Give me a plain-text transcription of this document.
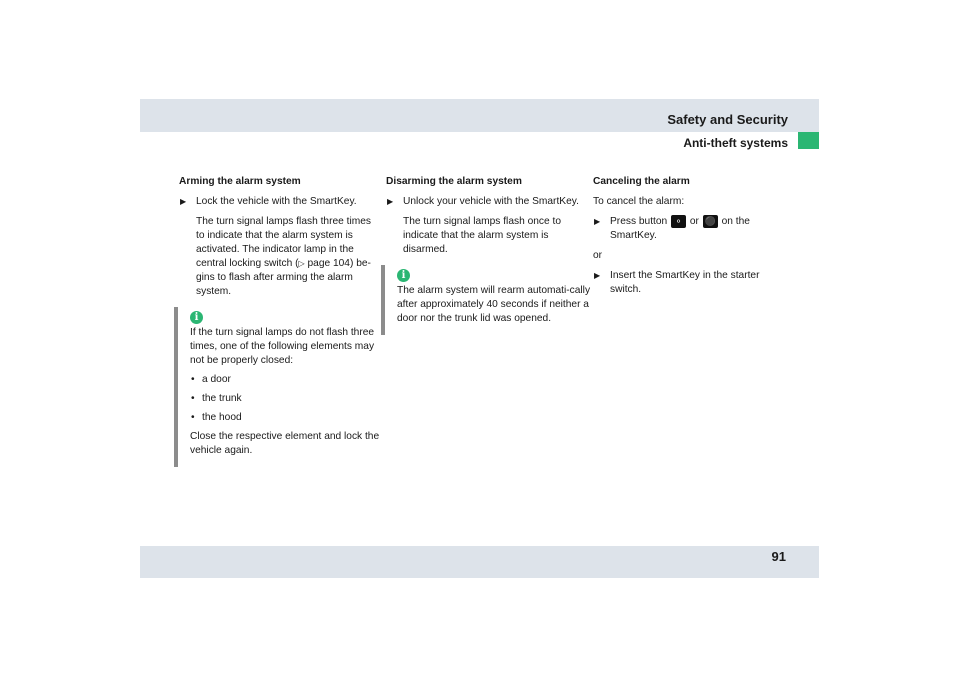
Safety and Security
Anti-theft systems

Arming the alarm system

▶ Lock the vehicle with the SmartKey.

The turn signal lamps flash three times to indicate that the alarm system is activated. The indicator lamp in the central locking switch (▷ page 104) be-gins to flash after arming the alarm system.

i

If the turn signal lamps do not flash three times, one of the following elements may not be properly closed:

• a door
• the trunk
• the hood

Close the respective element and lock the vehicle again.

Disarming the alarm system

▶ Unlock your vehicle with the SmartKey.

The turn signal lamps flash once to indicate that the alarm system is disarmed.

i

The alarm system will rearm automati-cally after approximately 40 seconds if neither a door nor the trunk lid was opened.

Canceling the alarm

To cancel the alarm:

▶ Press button ⚬ or ⚫ on the SmartKey.

or

▶ Insert the SmartKey in the starter switch.
91
